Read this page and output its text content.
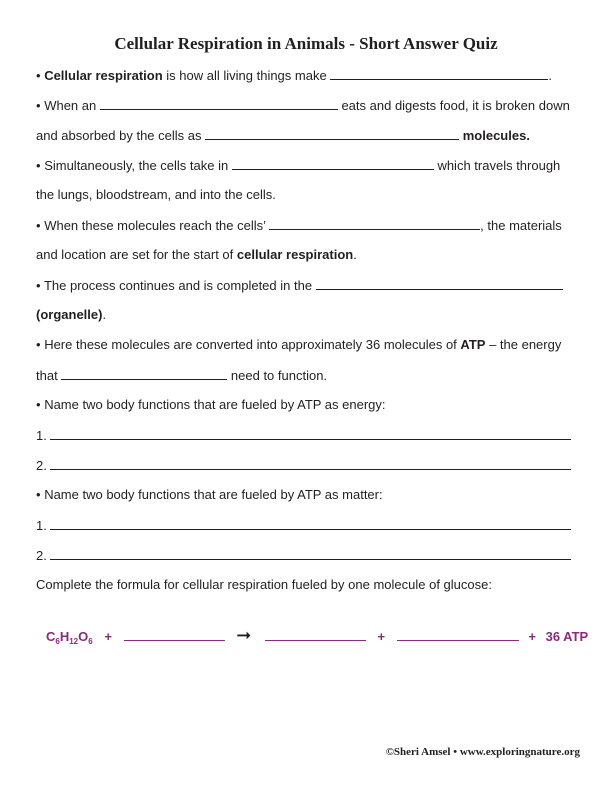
Cellular Respiration in Animals - Short Answer Quiz
• Cellular respiration is how all living things make	.
• When an	eats and digests food, it is broken down
and absorbed by the cells as	molecules.
• Simultaneously, the cells take in	which travels through
the lungs, bloodstream, and into the cells.
• When these molecules reach the cells’	, the materials
and location are set for the start of cellular respiration.
• The process continues and is completed in the
(organelle).
• Here these molecules are converted into approximately 36 molecules of ATP – the energy
that	need to function.
• Name two body functions that are fueled by ATP as energy:
1.
2.
• Name two body functions that are fueled by ATP as matter:
1.
2.
Complete the formula for cellular respiration fueled by one molecule of glucose:
$C_6H_{12}O_6$ +	➞	+	+ 36 ATP
©Sheri Amsel • www.exploringnature.org
